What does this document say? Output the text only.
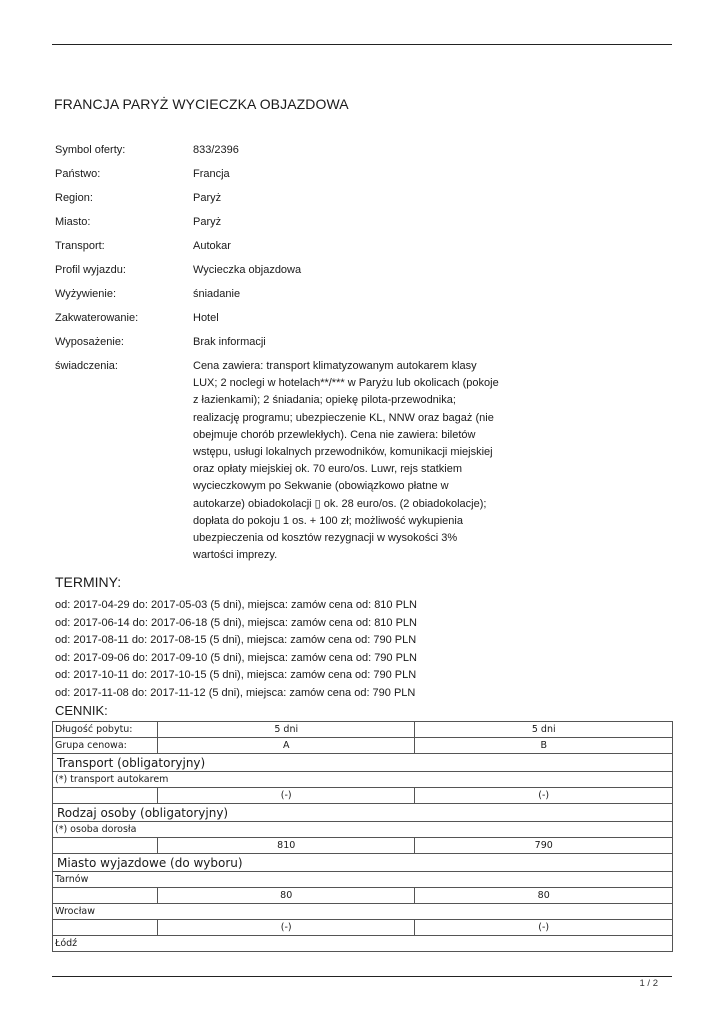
FRANCJA PARYŻ WYCIECZKA OBJAZDOWA
Symbol oferty:	833/2396
Państwo:	Francja
Region:	Paryż
Miasto:	Paryż
Transport:	Autokar
Profil wyjazdu:	Wycieczka objazdowa
Wyżywienie:	śniadanie
Zakwaterowanie:	Hotel
Wyposażenie:	Brak informacji
świadczenia:	Cena zawiera: transport klimatyzowanym autokarem klasy
LUX; 2 noclegi w hotelach**/*** w Paryżu lub okolicach (pokoje
z łazienkami); 2 śniadania; opiekę pilota-przewodnika;
realizację programu; ubezpieczenie KL, NNW oraz bagaż (nie
obejmuje chorób przewlekłych). Cena nie zawiera: biletów
wstępu, usługi lokalnych przewodników, komunikacji miejskiej
oraz opłaty miejskiej ok. 70 euro/os. Luwr, rejs statkiem
wycieczkowym po Sekwanie (obowiązkowo płatne w
autokarze) obiadokolacji ▯ ok. 28 euro/os. (2 obiadokolacje);
dopłata do pokoju 1 os. + 100 zł; możliwość wykupienia
ubezpieczenia od kosztów rezygnacji w wysokości 3%
wartości imprezy.
TERMINY:
od: 2017-04-29 do: 2017-05-03 (5 dni), miejsca: zamów cena od: 810 PLN
od: 2017-06-14 do: 2017-06-18 (5 dni), miejsca: zamów cena od: 810 PLN
od: 2017-08-11 do: 2017-08-15 (5 dni), miejsca: zamów cena od: 790 PLN
od: 2017-09-06 do: 2017-09-10 (5 dni), miejsca: zamów cena od: 790 PLN
od: 2017-10-11 do: 2017-10-15 (5 dni), miejsca: zamów cena od: 790 PLN
od: 2017-11-08 do: 2017-11-12 (5 dni), miejsca: zamów cena od: 790 PLN
CENNIK:
Długość pobytu:	5 dni	5 dni
Grupa cenowa:	A	B
Transport (obligatoryjny)		
(*) transport autokarem		
	(-)	(-)
Rodzaj osoby (obligatoryjny)		
(*) osoba dorosła		
	810	790
Miasto wyjazdowe (do wyboru)		
Tarnów		
	80	80
Wrocław		
	(-)	(-)
Łódź		
1 / 2
